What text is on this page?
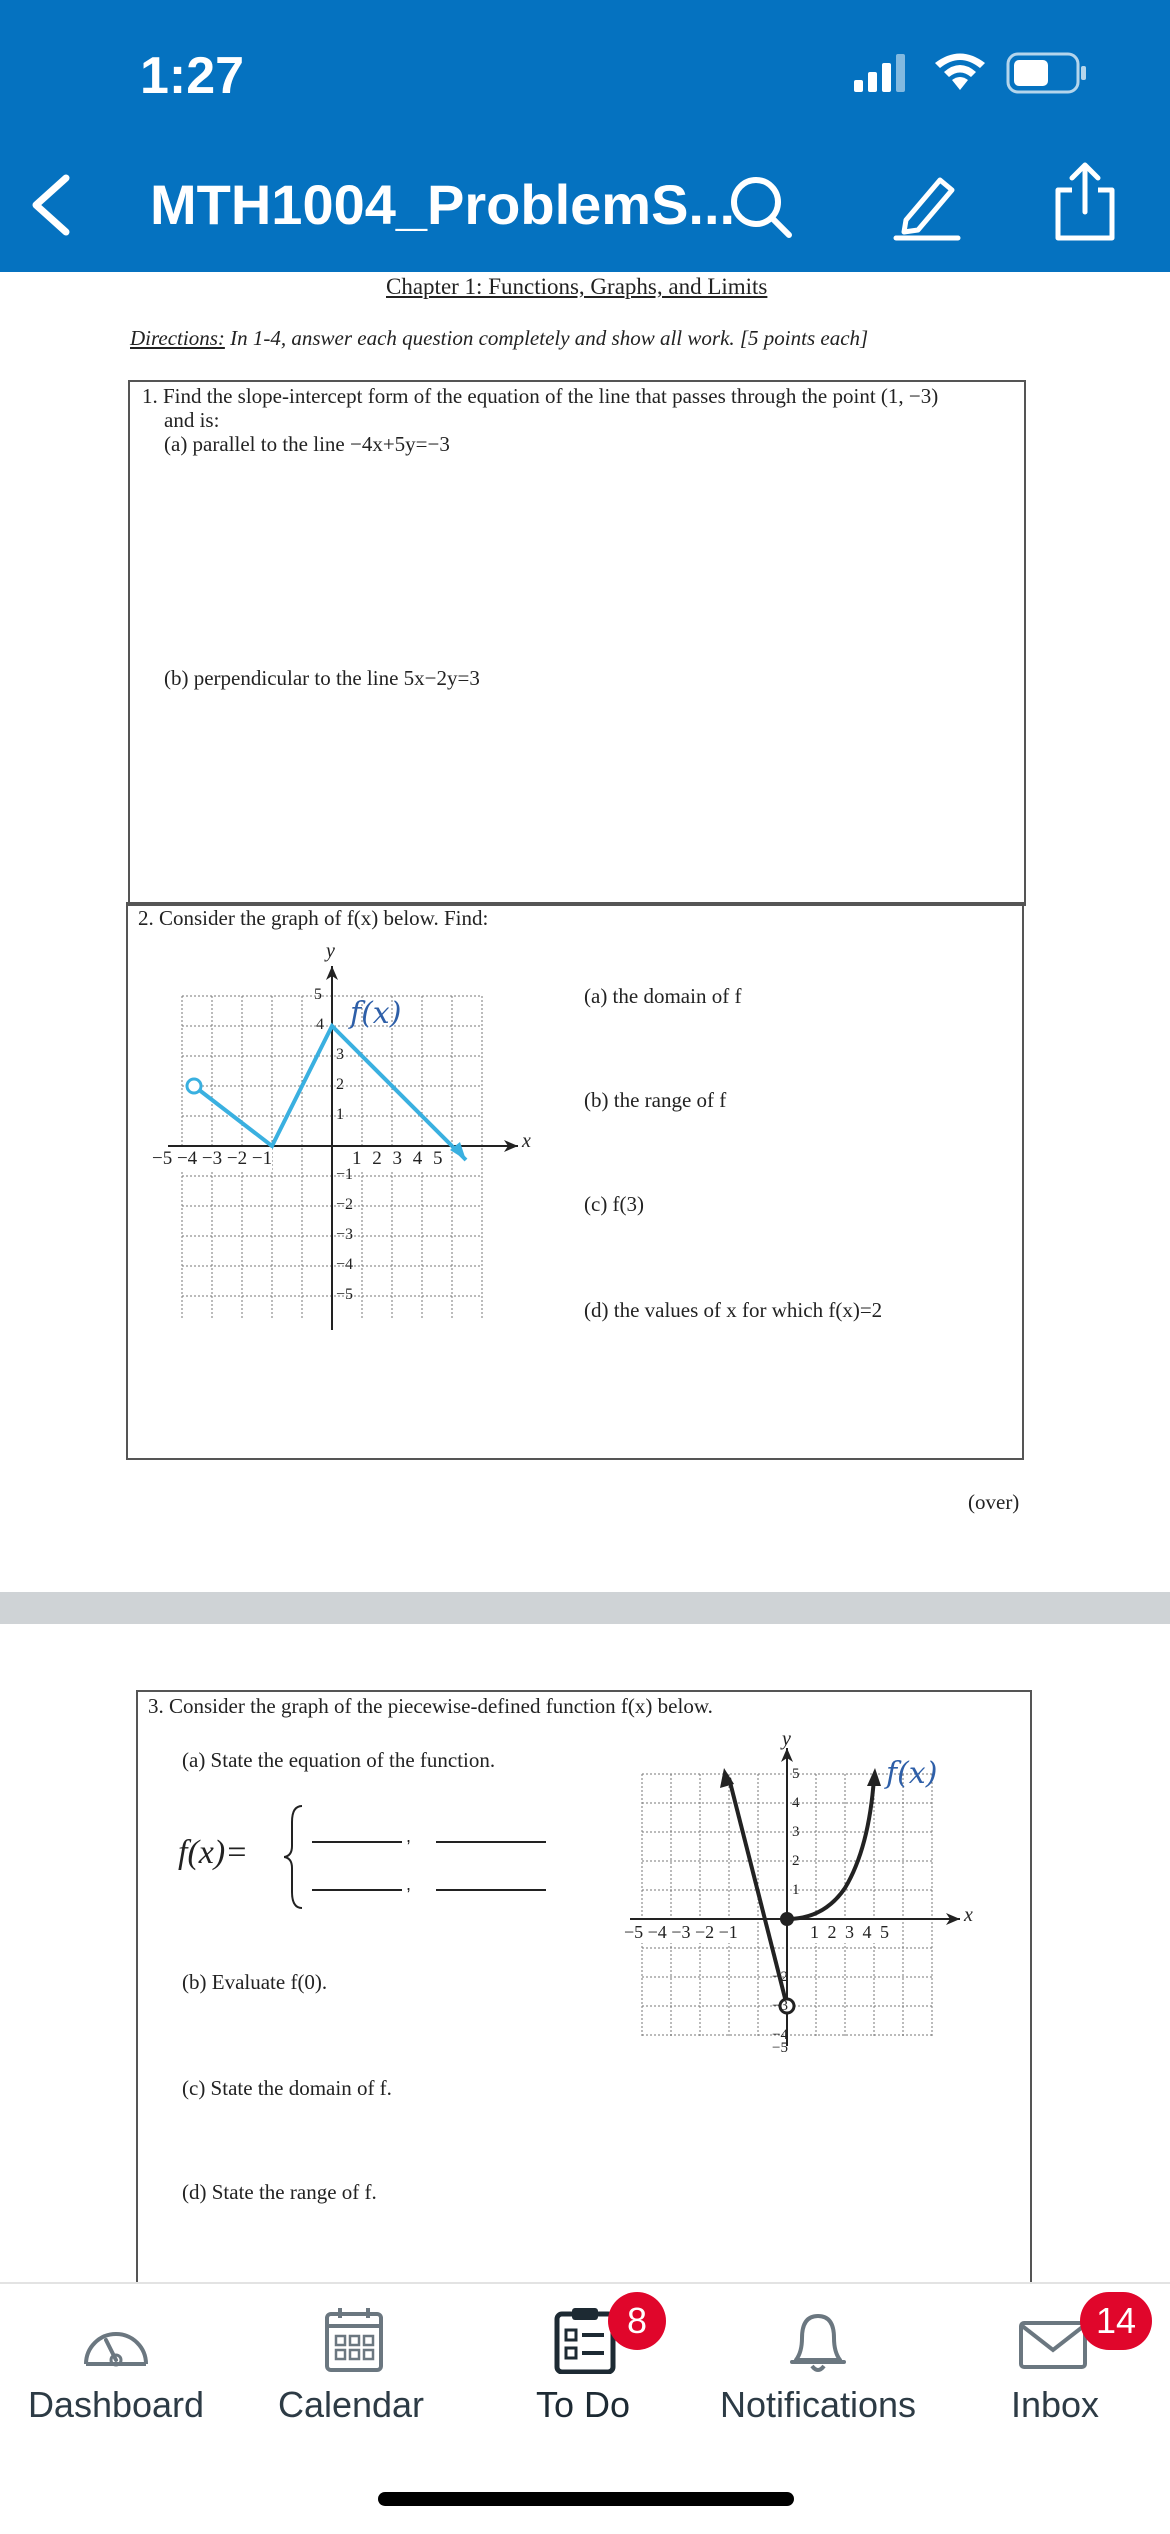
1:27
MTH1004_ProblemS...
Chapter 1: Functions, Graphs, and Limits
Directions: In 1-4, answer each question completely and show all work. [5 points each]
1. Find the slope-intercept form of the equation of the line that passes through the point (1, −3)
and is:
(a) parallel to the line −4x+5y=−3
(b) perpendicular to the line 5x−2y=3
2. Consider the graph of f(x) below. Find:
(a) the domain of f
(b) the range of f
(c) f(3)
(d) the values of x for which f(x)=2
f(x)
x
y
−5 −4 −3 −2 −1	1 2 3 4 5
5
4
3
2
1
−1
−2
−3
−4
−5
(over)
3. Consider the graph of the piecewise-defined function f(x) below.
(a) State the equation of the function.
f(x)=	,
,
(b) Evaluate f(0).
(c) State the domain of f.
(d) State the range of f.
f(x)
x
y
−5 −4 −3 −2 −1	1 2 3 4 5
5
4
3
2
1
−2
−3
−4
−5
Dashboard	Calendar
8
To Do	Notifications
14
Inbox
